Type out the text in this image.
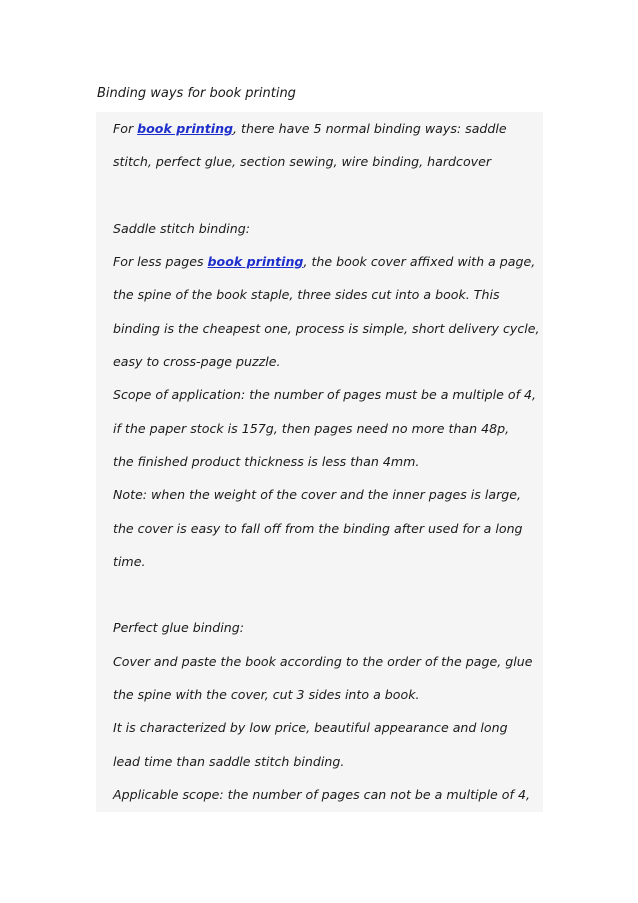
Binding ways for book printing
For book printing, there have 5 normal binding ways: saddle
stitch, perfect glue, section sewing, wire binding, hardcover
Saddle stitch binding:
For less pages book printing, the book cover affixed with a page,
the spine of the book staple, three sides cut into a book. This
binding is the cheapest one, process is simple, short delivery cycle,
easy to cross-page puzzle.
Scope of application: the number of pages must be a multiple of 4,
if the paper stock is 157g, then pages need no more than 48p,
the finished product thickness is less than 4mm.
Note: when the weight of the cover and the inner pages is large,
the cover is easy to fall off from the binding after used for a long
time.
Perfect glue binding:
Cover and paste the book according to the order of the page, glue
the spine with the cover, cut 3 sides into a book.
It is characterized by low price, beautiful appearance and long
lead time than saddle stitch binding.
Applicable scope: the number of pages can not be a multiple of 4,
